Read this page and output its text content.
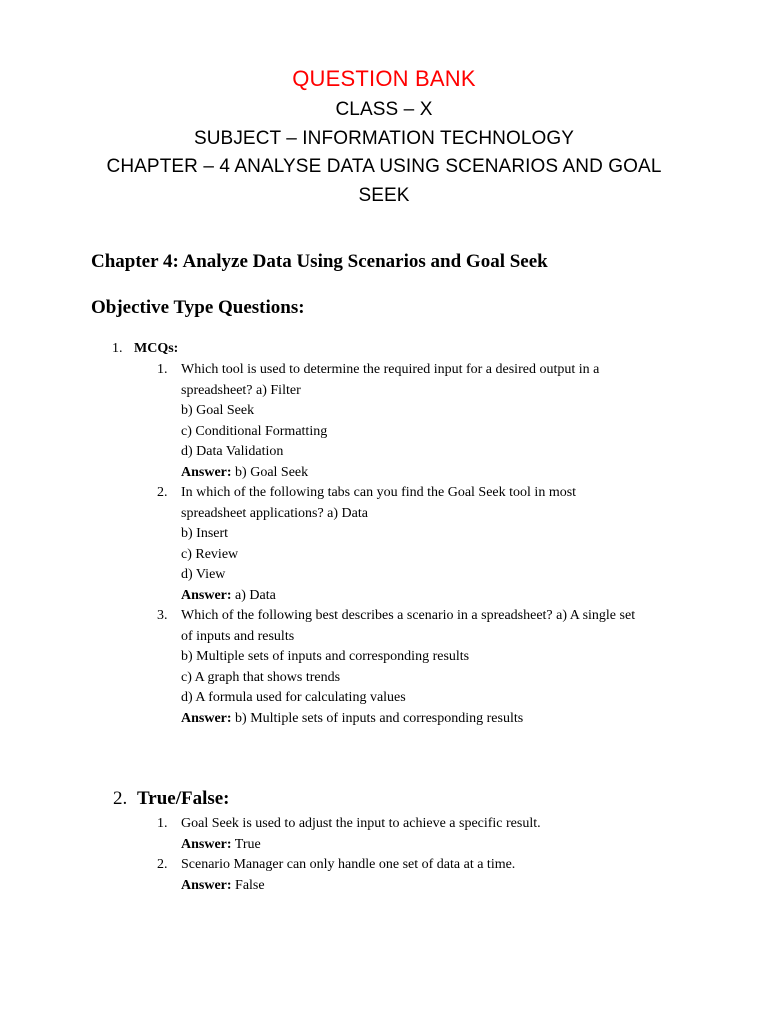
QUESTION BANK
CLASS – X
SUBJECT – INFORMATION TECHNOLOGY
CHAPTER – 4 ANALYSE DATA USING SCENARIOS AND GOAL
SEEK
Chapter 4: Analyze Data Using Scenarios and Goal Seek
Objective Type Questions:
1. MCQs:
1. Which tool is used to determine the required input for a desired output in a
spreadsheet? a) Filter
b) Goal Seek
c) Conditional Formatting
d) Data Validation
Answer: b) Goal Seek
2. In which of the following tabs can you find the Goal Seek tool in most
spreadsheet applications? a) Data
b) Insert
c) Review
d) View
Answer: a) Data
3. Which of the following best describes a scenario in a spreadsheet? a) A single set
of inputs and results
b) Multiple sets of inputs and corresponding results
c) A graph that shows trends
d) A formula used for calculating values
Answer: b) Multiple sets of inputs and corresponding results
2. True/False:
1. Goal Seek is used to adjust the input to achieve a specific result.
Answer: True
2. Scenario Manager can only handle one set of data at a time.
Answer: False
